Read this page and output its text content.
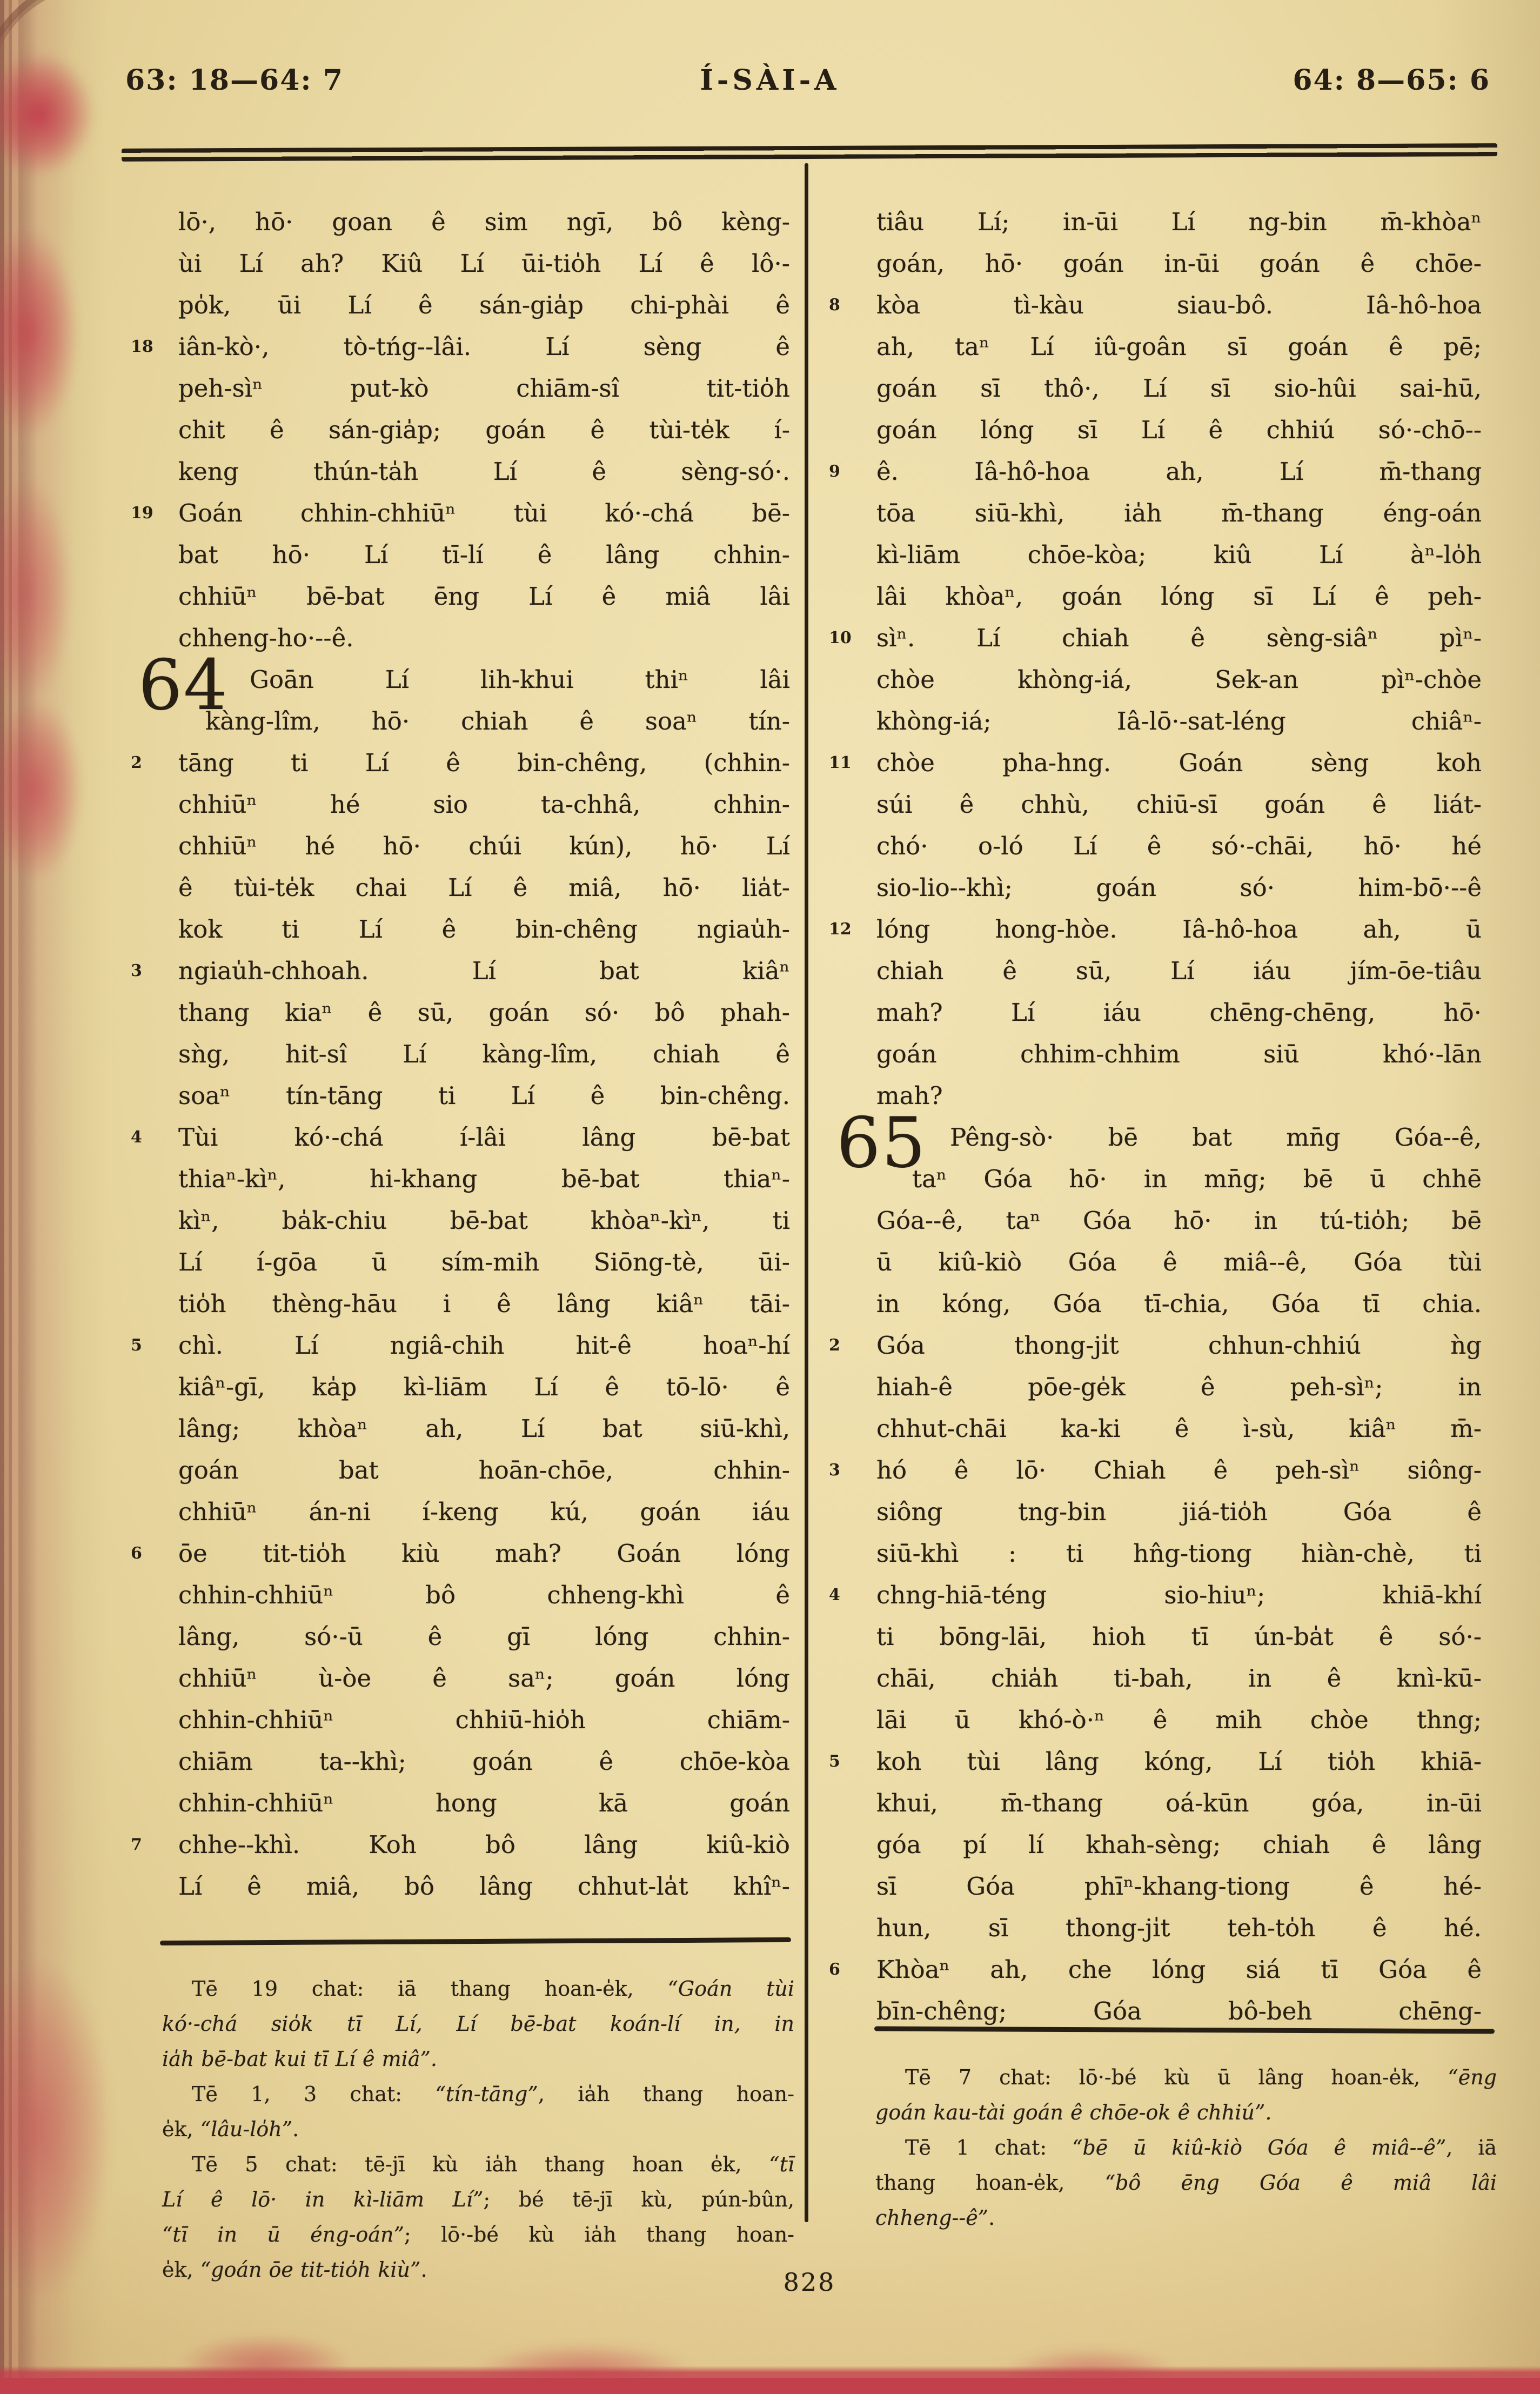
63: 18—64: 7	Í-SÀI-A	64: 8—65: 6
lō·, hō· goan ê sim ngī, bô kèng-
ùi Lí ah? Kiû Lí ūi-tio̍h Lí ê lô·-
po̍k, ūi Lí ê sán-gia̍p chi-phài ê
18	iân-kò·, tò-tńg--lâi. Lí sèng ê
peh-sìⁿ put-kò chiām-sî tit-tio̍h
chit ê sán-gia̍p; goán ê tùi-te̍k í-
keng thún-ta̍h Lí ê sèng-só·.
19	Goán chhin-chhiūⁿ tùi kó·-chá bē-
bat hō· Lí tī-lí ê lâng chhin-
chhiūⁿ bē-bat ēng Lí ê miâ lâi
chheng-ho·--ê.
Goān Lí lih-khui thiⁿ lâi
kàng-lîm, hō· chiah ê soaⁿ tín-
2	tāng ti Lí ê bin-chêng, (chhin-
chhiūⁿ hé sio ta-chhâ, chhin-
chhiūⁿ hé hō· chúi kún), hō· Lí
ê tùi-te̍k chai Lí ê miâ, hō· lia̍t-
kok ti Lí ê bin-chêng ngiau̍h-
3	ngiau̍h-chhoah. Lí bat kiâⁿ
thang kiaⁿ ê sū, goán só· bô phah-
sǹg, hit-sî Lí kàng-lîm, chiah ê
soaⁿ tín-tāng ti Lí ê bin-chêng.
4	Tùi kó·-chá í-lâi lâng bē-bat
thiaⁿ-kìⁿ, hi-khang bē-bat thiaⁿ-
kìⁿ, ba̍k-chiu bē-bat khòaⁿ-kìⁿ, ti
Lí í-gōa ū sím-mih Siōng-tè, ūi-
tio̍h thèng-hāu i ê lâng kiâⁿ tāi-
5	chì. Lí ngiâ-chih hit-ê hoaⁿ-hí
kiâⁿ-gī, ka̍p kì-liām Lí ê tō-lō· ê
lâng; khòaⁿ ah, Lí bat siū-khì,
goán bat hoān-chōe, chhin-
chhiūⁿ án-ni í-keng kú, goán iáu
6	ōe tit-tio̍h kiù mah? Goán lóng
chhin-chhiūⁿ bô chheng-khì ê
lâng, só·-ū ê gī lóng chhin-
chhiūⁿ ù-òe ê saⁿ; goán lóng
chhin-chhiūⁿ chhiū-hio̍h chiām-
chiām ta--khì; goán ê chōe-kòa
chhin-chhiūⁿ hong kā goán
7	chhe--khì. Koh bô lâng kiû-kiò
Lí ê miâ, bô lâng chhut-la̍t khîⁿ-
64
tiâu Lí; in-ūi Lí ng-bin m̄-khòaⁿ
goán, hō· goán in-ūi goán ê chōe-
8	kòa tì-kàu siau-bô. Iâ-hô-hoa
ah, taⁿ Lí iû-goân sī goán ê pē;
goán sī thô·, Lí sī sio-hûi sai-hū,
goán lóng sī Lí ê chhiú só·-chō--
9	ê. Iâ-hô-hoa ah, Lí m̄-thang
tōa siū-khì, ia̍h m̄-thang éng-oán
kì-liām chōe-kòa; kiû Lí àⁿ-lo̍h
lâi khòaⁿ, goán lóng sī Lí ê peh-
10	sìⁿ. Lí chiah ê sèng-siâⁿ pìⁿ-
chòe khòng-iá, Sek-an pìⁿ-chòe
khòng-iá; Iâ-lō·-sat-léng chiâⁿ-
11	chòe pha-hng. Goán sèng koh
súi ê chhù, chiū-sī goán ê liát-
chó· o-ló Lí ê só·-chāi, hō· hé
sio-lio--khì; goán só· him-bō·--ê
12	lóng hong-hòe. Iâ-hô-hoa ah, ū
chiah ê sū, Lí iáu jím-ōe-tiâu
mah? Lí iáu chēng-chēng, hō·
goán chhim-chhim siū khó·-lān
mah?
Pêng-sò· bē bat mn̄g Góa--ê,
taⁿ Góa hō· in mn̄g; bē ū chhē
Góa--ê, taⁿ Góa hō· in tú-tio̍h; bē
ū kiû-kiò Góa ê miâ--ê, Góa tùi
in kóng, Góa tī-chia, Góa tī chia.
2	Góa thong-ji̍t chhun-chhiú ǹg
hiah-ê pōe-ge̍k ê peh-sìⁿ; in
chhut-chāi ka-ki ê ì-sù, kiâⁿ m̄-
3	hó ê lō· Chiah ê peh-sìⁿ siông-
siông tng-bin jiá-tio̍h Góa ê
siū-khì : ti hn̂g-tiong hiàn-chè, ti
4	chng-hiā-téng sio-hiuⁿ; khiā-khí
ti bōng-lāi, hioh tī ún-ba̍t ê só·-
chāi, chia̍h ti-bah, in ê knì-kū-
lāi ū khó-ò·ⁿ ê mih chòe thng;
5	koh tùi lâng kóng, Lí tio̍h khiā-
khui, m̄-thang oá-kūn góa, in-ūi
góa pí lí khah-sèng; chiah ê lâng
sī Góa phīⁿ-khang-tiong ê hé-
hun, sī thong-ji̍t teh-to̍h ê hé.
6	Khòaⁿ ah, che lóng siá tī Góa ê
bīn-chêng; Góa bô-beh chēng-
65
Tē 19 chat: iā thang hoan-e̍k, “Goán tùi
kó·-chá sio̍k tī Lí, Lí bē-bat koán-lí in, in
ia̍h bē-bat kui tī Lí ê miâ”.
Tē 1, 3 chat: “tín-tāng”, ia̍h thang hoan-
e̍k, “lâu-lo̍h”.
Tē 5 chat: tē-jī kù ia̍h thang hoan e̍k, “tī
Lí ê lō· in kì-liām Lí”; bé tē-jī kù, pún-bûn,
“tī in ū éng-oán”; lō·-bé kù ia̍h thang hoan-
e̍k, “goán ōe tit-tio̍h kiù”.
Tē 7 chat: lō·-bé kù ū lâng hoan-e̍k, “ēng
goán kau-tài goán ê chōe-ok ê chhiú”.
Tē 1 chat: “bē ū kiû-kiò Góa ê miâ--ê”, iā
thang hoan-e̍k, “bô ēng Góa ê miâ lâi
chheng--ê”.
828
